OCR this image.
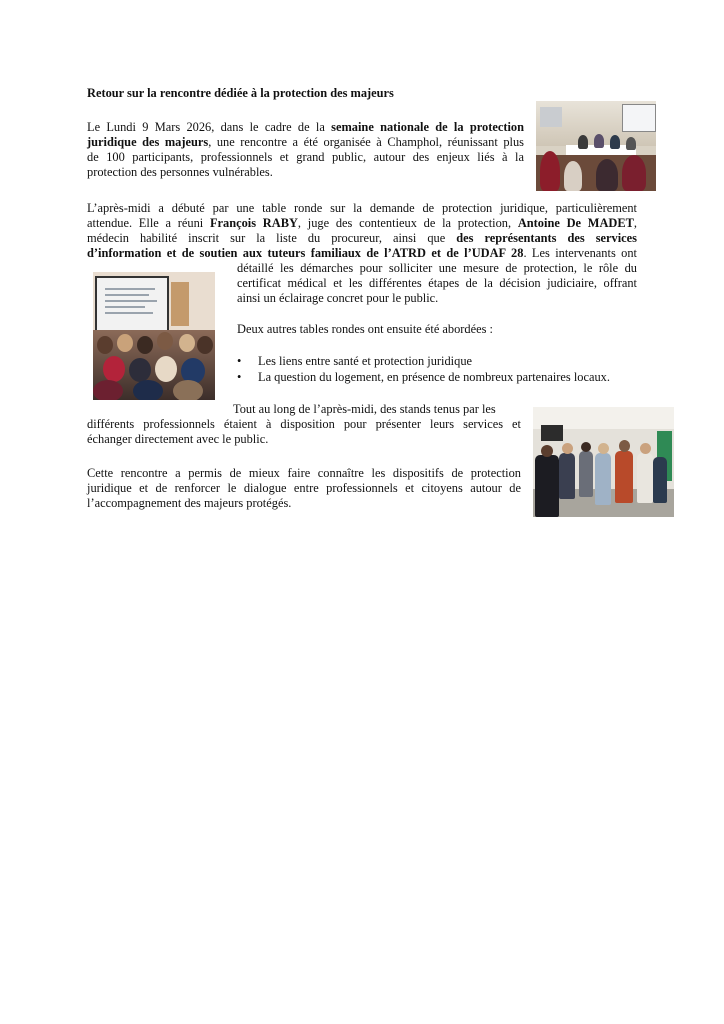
Retour sur la rencontre dédiée à la protection des majeurs
Le Lundi 9 Mars 2026, dans le cadre de la semaine nationale de la protection
juridique des majeurs, une rencontre a été organisée à Champhol, réunissant plus
de 100 participants, professionnels et grand public, autour des enjeux liés à la
protection des personnes vulnérables.
L’après-midi a débuté par une table ronde sur la demande de protection juridique, particulièrement
attendue. Elle a réuni François RABY, juge des contentieux de la protection, Antoine De MADET,
médecin habilité inscrit sur la liste du procureur, ainsi que des représentants des services
d’information et de soutien aux tuteurs familiaux de l’ATRD et de l’UDAF 28. Les intervenants ont
détaillé les démarches pour solliciter une mesure de protection, le rôle du
certificat médical et les différentes étapes de la décision judiciaire, offrant
ainsi un éclairage concret pour le public.
Deux autres tables rondes ont ensuite été abordées :
• Les liens entre santé et protection juridique
• La question du logement, en présence de nombreux partenaires locaux.
Tout au long de l’après-midi, des stands tenus par les
différents professionnels étaient à disposition pour présenter leurs services et
échanger directement avec le public.
Cette rencontre a permis de mieux faire connaître les dispositifs de protection
juridique et de renforcer le dialogue entre professionnels et citoyens autour de
l’accompagnement des majeurs protégés.
